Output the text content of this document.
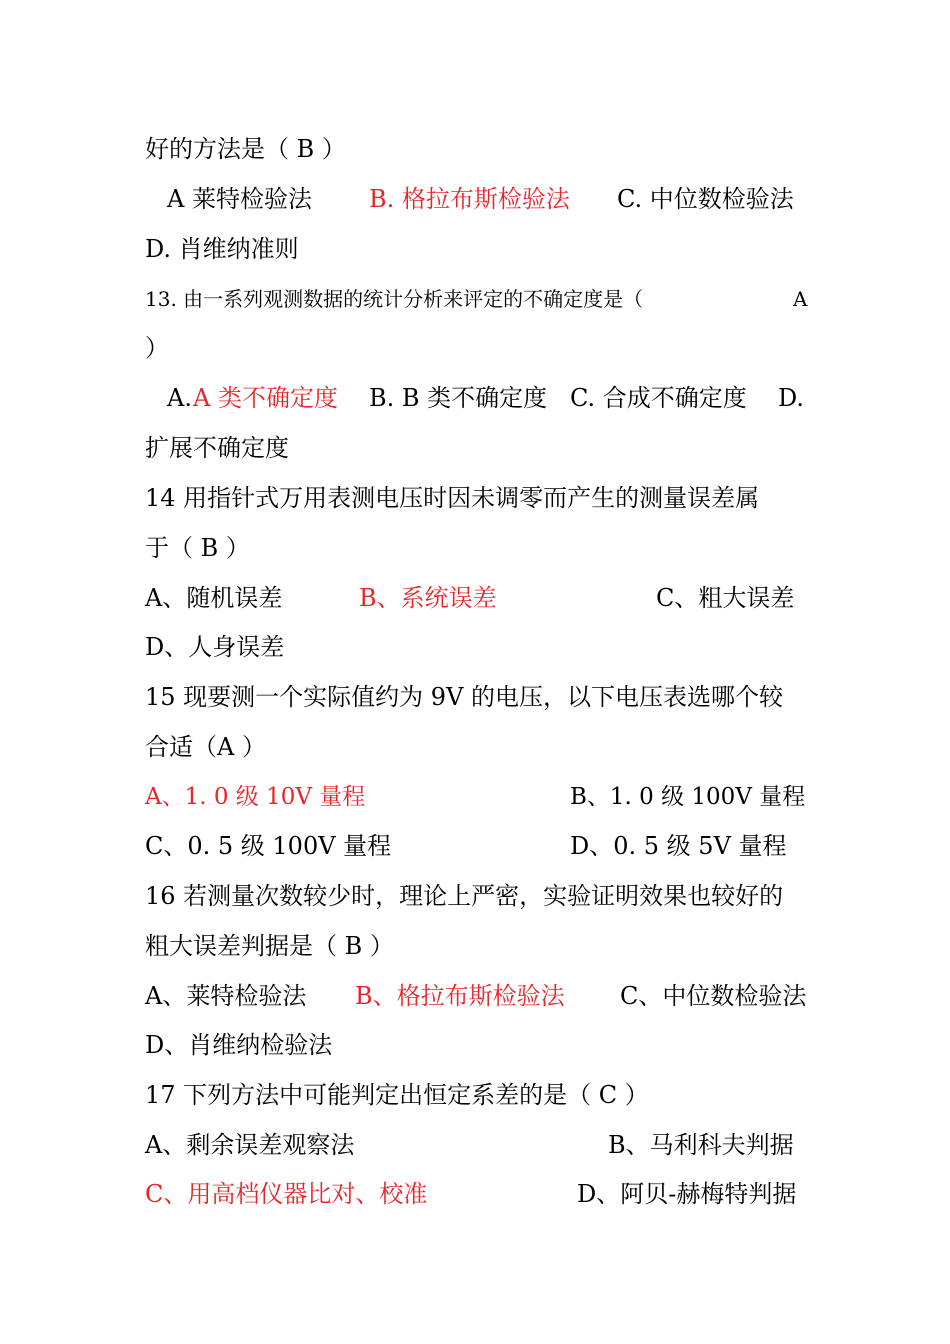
好的方法是（ B ）
A 莱特检验法 B. 格拉布斯检验法 C. 中位数检验法
D. 肖维纳准则
13. 由一系列观测数据的统计分析来评定的不确定度是（	A
）
A. A 类不确定度 B. B 类不确定度 C. 合成不确定度 D.
扩展不确定度
14 用指针式万用表测电压时因未调零而产生的测量误差属
于（ B ）
A、随机误差	B、系统误差	C、粗大误差
D、人身误差
15 现要测一个实际值约为 9V 的电压，以下电压表选哪个较
合适（A ）
A、1. 0 级 10V 量程	B、1. 0 级 100V 量程
C、0. 5 级 100V 量程	D、0. 5 级 5V 量程
16 若测量次数较少时，理论上严密，实验证明效果也较好的
粗大误差判据是（ B ）
A、莱特检验法 B、格拉布斯检验法 C、中位数检验法
D、肖维纳检验法
17 下列方法中可能判定出恒定系差的是（ C ）
A、剩余误差观察法	B、马利科夫判据
C、用高档仪器比对、校准	D、阿贝-赫梅特判据
